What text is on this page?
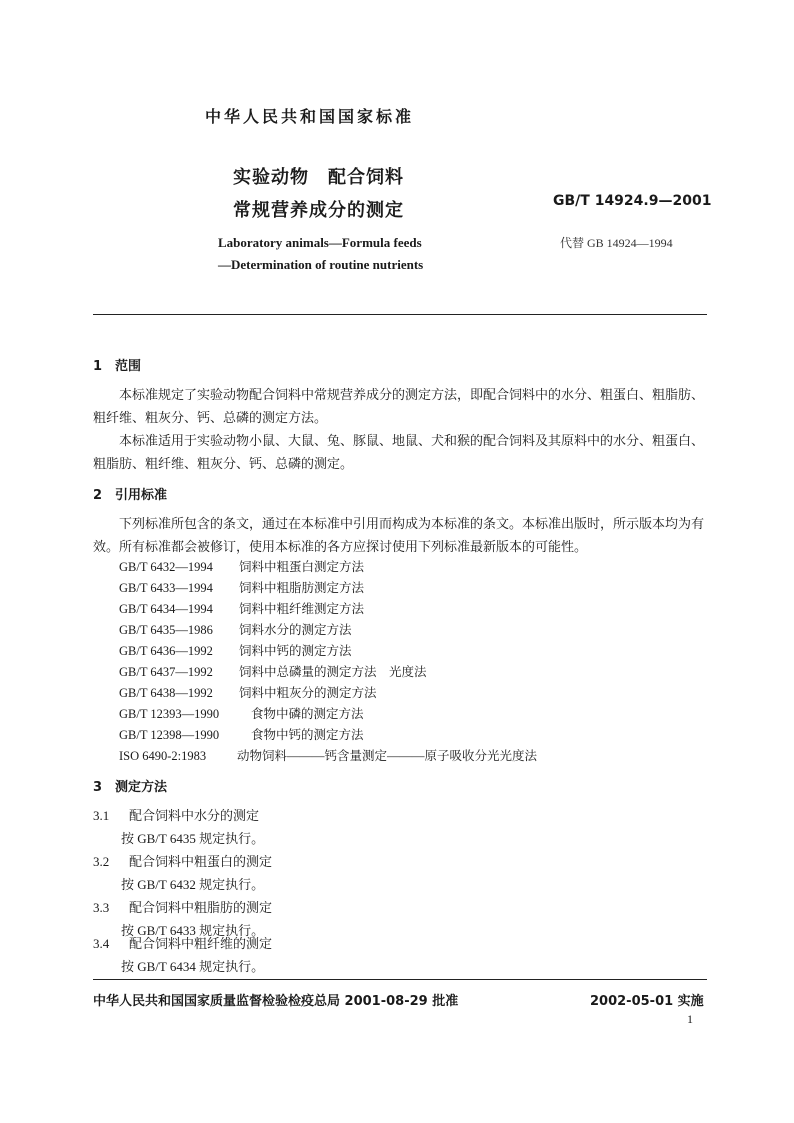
中华人民共和国国家标准
实验动物　配合饲料
常规营养成分的测定	GB/T 14924.9—2001
Laboratory animals—Formula feeds
—Determination of routine nutrients
代替 GB 14924—1994
1 范围
本标准规定了实验动物配合饲料中常规营养成分的测定方法，即配合饲料中的水分、粗蛋白、粗脂肪、粗纤维、粗灰分、钙、总磷的测定方法。
本标准适用于实验动物小鼠、大鼠、兔、豚鼠、地鼠、犬和猴的配合饲料及其原料中的水分、粗蛋白、粗脂肪、粗纤维、粗灰分、钙、总磷的测定。
2 引用标准
下列标准所包含的条文，通过在本标准中引用而构成为本标准的条文。本标准出版时，所示版本均为有效。所有标准都会被修订，使用本标准的各方应探讨使用下列标准最新版本的可能性。
GB/T 6432—1994 饲料中粗蛋白测定方法
GB/T 6433—1994 饲料中粗脂肪测定方法
GB/T 6434—1994 饲料中粗纤维测定方法
GB/T 6435—1986 饲料水分的测定方法
GB/T 6436—1992 饲料中钙的测定方法
GB/T 6437—1992 饲料中总磷量的测定方法　光度法
GB/T 6438—1992 饲料中粗灰分的测定方法
GB/T 12393—1990	食物中磷的测定方法
GB/T 12398—1990	食物中钙的测定方法
ISO 6490-2:1983 动物饲料———钙含量测定———原子吸收分光光度法
3 测定方法
3.1 配合饲料中水分的测定
按 GB/T 6435 规定执行。
3.2 配合饲料中粗蛋白的测定
按 GB/T 6432 规定执行。
3.3 配合饲料中粗脂肪的测定
按 GB/T 6433 规定执行。
3.4 配合饲料中粗纤维的测定
按 GB/T 6434 规定执行。
中华人民共和国国家质量监督检验检疫总局 2001-08-29 批准	2002-05-01 实施
1
